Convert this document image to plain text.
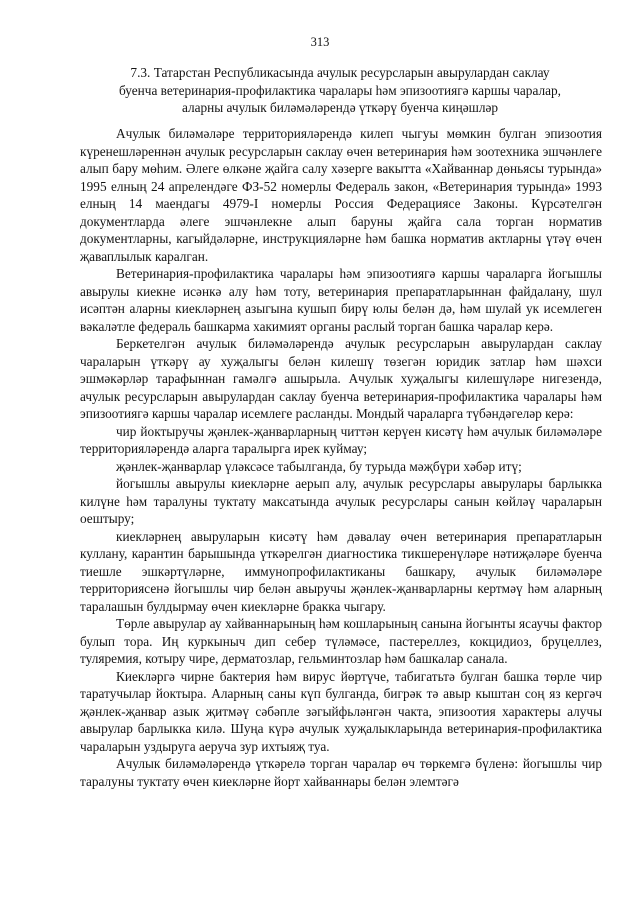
313
7.3. Татарстан Республикасында ачулык ресурсларын авырулардан саклау
буенча ветеринария-профилактика чаралары һәм эпизоотиягә каршы чаралар,
аларны ачулык биләмәләрендә үткәрү буенча киңәшләр

Ачулык биләмәләре территорияләрендә килеп чыгуы мөмкин булган эпизоотия күренешләреннән ачулык ресурсларын саклау өчен ветеринария һәм зоотехника эшчәнлеге алып бару мөһим. Әлеге өлкәне җайга салу хәзерге вакытта «Хайваннар дөньясы турында» 1995 елның 24 апрелендәге ФЗ-52 номерлы Федераль закон, «Ветеринария турында» 1993 елның 14 маендагы 4979-I номерлы Россия Федерациясе Законы. Күрсәтелгән документларда әлеге эшчәнлекне алып баруны җайга сала торган норматив документларны, кагыйдәләрне, инструкцияләрне һәм башка норматив актларны үтәү өчен җаваплылык каралган.

Ветеринария-профилактика чаралары һәм эпизоотиягә каршы чараларга йогышлы авырулы киекне исәнкә алу һәм тоту, ветеринария препаратларыннан файдалану, шул исәптән аларны киекләрнең азыгына кушып бирү юлы белән дә, һәм шулай ук исемлеген вәкаләтле федераль башкарма хакимият органы раслый торган башка чаралар керә.

Беркетелгән ачулык биләмәләрендә ачулык ресурсларын авырулардан саклау чараларын үткәрү ау хуҗалыгы белән килешү төзегән юридик затлар һәм шәхси эшмәкәрләр тарафыннан гамәлгә ашырыла. Ачулык хуҗалыгы килешүләре нигезендә, ачулык ресурсларын авырулардан саклау буенча ветеринария-профилактика чаралары һәм эпизоотиягә каршы чаралар исемлеге расланды. Мондый чараларга түбәндәгеләр керә:

чир йоктыручы җәнлек-җанварларның читтән керүен кисәтү һәм ачулык биләмәләре территорияләрендә аларга таралырга ирек куймау;

җәнлек-җанварлар үләксәсе табылганда, бу турыда мәҗбүри хәбәр итү;

йогышлы авырулы киекләрне аерып алу, ачулык ресурслары авырулары барлыкка килүне һәм таралуны туктату максатында ачулык ресурслары санын көйләү чараларын оештыру;

киекләрнең авыруларын кисәтү һәм дәвалау өчен ветеринария препаратларын куллану, карантин барышында үткәрелгән диагностика тикшеренүләре нәтиҗәләре буенча тиешле эшкәртүләрне, иммунопрофилактиканы башкару, ачулык биләмәләре территориясенә йогышлы чир белән авыручы җәнлек-җанварларны кертмәү һәм аларның таралашын булдырмау өчен киекләрне бракка чыгару.

Төрле авырулар ау хайваннарының һәм кошларының санына йогынты ясаучы фактор булып тора. Иң куркыныч дип себер түләмәсе, пастереллез, кокцидиоз, бруцеллез, туляремия, котыру чире, дерматозлар, гельминтозлар һәм башкалар санала.

Киекләргә чирне бактерия һәм вирус йөртүче, табигатьтә булган башка төрле чир таратучылар йоктыра. Аларның саны күп булганда, бигрәк тә авыр кыштан соң яз кергәч җәнлек-җанвар азык җитмәү сәбәпле зәгыйфьләнгән чакта, эпизоотия характеры алучы авырулар барлыкка килә. Шуңа күрә ачулык хуҗалыкларында ветеринария-профилактика чараларын уздыруга аеруча зур ихтыяҗ туа.

Ачулык биләмәләрендә үткәрелә торган чаралар өч төркемгә бүленә: йогышлы чир таралуны туктату өчен киекләрне йорт хайваннары белән элемтәгә
